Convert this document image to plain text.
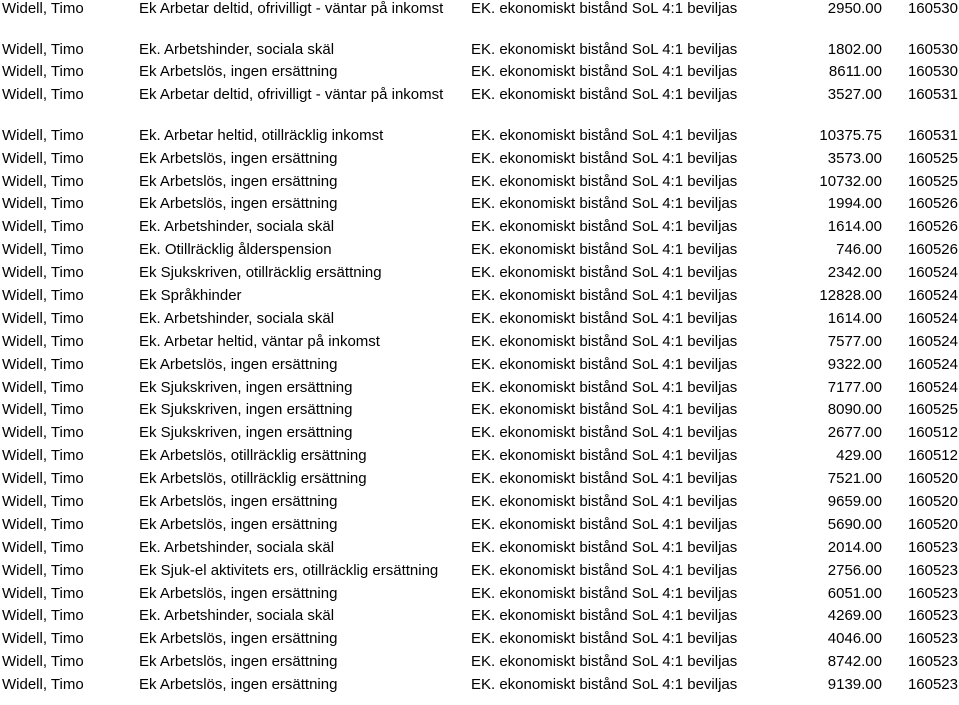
Widell, Timo	Ek Arbetar deltid, ofrivilligt - väntar på inkomst	EK. ekonomiskt bistånd SoL 4:1 beviljas	2950.00	160530
Widell, Timo	Ek. Arbetshinder, sociala skäl	EK. ekonomiskt bistånd SoL 4:1 beviljas	1802.00	160530
Widell, Timo	Ek Arbetslös, ingen ersättning	EK. ekonomiskt bistånd SoL 4:1 beviljas	8611.00	160530
Widell, Timo	Ek Arbetar deltid, ofrivilligt - väntar på inkomst	EK. ekonomiskt bistånd SoL 4:1 beviljas	3527.00	160531
Widell, Timo	Ek. Arbetar heltid, otillräcklig inkomst	EK. ekonomiskt bistånd SoL 4:1 beviljas	10375.75	160531
Widell, Timo	Ek Arbetslös, ingen ersättning	EK. ekonomiskt bistånd SoL 4:1 beviljas	3573.00	160525
Widell, Timo	Ek Arbetslös, ingen ersättning	EK. ekonomiskt bistånd SoL 4:1 beviljas	10732.00	160525
Widell, Timo	Ek Arbetslös, ingen ersättning	EK. ekonomiskt bistånd SoL 4:1 beviljas	1994.00	160526
Widell, Timo	Ek. Arbetshinder, sociala skäl	EK. ekonomiskt bistånd SoL 4:1 beviljas	1614.00	160526
Widell, Timo	Ek. Otillräcklig ålderspension	EK. ekonomiskt bistånd SoL 4:1 beviljas	746.00	160526
Widell, Timo	Ek Sjukskriven, otillräcklig ersättning	EK. ekonomiskt bistånd SoL 4:1 beviljas	2342.00	160524
Widell, Timo	Ek Språkhinder	EK. ekonomiskt bistånd SoL 4:1 beviljas	12828.00	160524
Widell, Timo	Ek. Arbetshinder, sociala skäl	EK. ekonomiskt bistånd SoL 4:1 beviljas	1614.00	160524
Widell, Timo	Ek. Arbetar heltid, väntar på inkomst	EK. ekonomiskt bistånd SoL 4:1 beviljas	7577.00	160524
Widell, Timo	Ek Arbetslös, ingen ersättning	EK. ekonomiskt bistånd SoL 4:1 beviljas	9322.00	160524
Widell, Timo	Ek Sjukskriven, ingen ersättning	EK. ekonomiskt bistånd SoL 4:1 beviljas	7177.00	160524
Widell, Timo	Ek Sjukskriven, ingen ersättning	EK. ekonomiskt bistånd SoL 4:1 beviljas	8090.00	160525
Widell, Timo	Ek Sjukskriven, ingen ersättning	EK. ekonomiskt bistånd SoL 4:1 beviljas	2677.00	160512
Widell, Timo	Ek Arbetslös, otillräcklig ersättning	EK. ekonomiskt bistånd SoL 4:1 beviljas	429.00	160512
Widell, Timo	Ek Arbetslös, otillräcklig ersättning	EK. ekonomiskt bistånd SoL 4:1 beviljas	7521.00	160520
Widell, Timo	Ek Arbetslös, ingen ersättning	EK. ekonomiskt bistånd SoL 4:1 beviljas	9659.00	160520
Widell, Timo	Ek Arbetslös, ingen ersättning	EK. ekonomiskt bistånd SoL 4:1 beviljas	5690.00	160520
Widell, Timo	Ek. Arbetshinder, sociala skäl	EK. ekonomiskt bistånd SoL 4:1 beviljas	2014.00	160523
Widell, Timo	Ek Sjuk-el aktivitets ers, otillräcklig ersättning	EK. ekonomiskt bistånd SoL 4:1 beviljas	2756.00	160523
Widell, Timo	Ek Arbetslös, ingen ersättning	EK. ekonomiskt bistånd SoL 4:1 beviljas	6051.00	160523
Widell, Timo	Ek. Arbetshinder, sociala skäl	EK. ekonomiskt bistånd SoL 4:1 beviljas	4269.00	160523
Widell, Timo	Ek Arbetslös, ingen ersättning	EK. ekonomiskt bistånd SoL 4:1 beviljas	4046.00	160523
Widell, Timo	Ek Arbetslös, ingen ersättning	EK. ekonomiskt bistånd SoL 4:1 beviljas	8742.00	160523
Widell, Timo	Ek Arbetslös, ingen ersättning	EK. ekonomiskt bistånd SoL 4:1 beviljas	9139.00	160523
